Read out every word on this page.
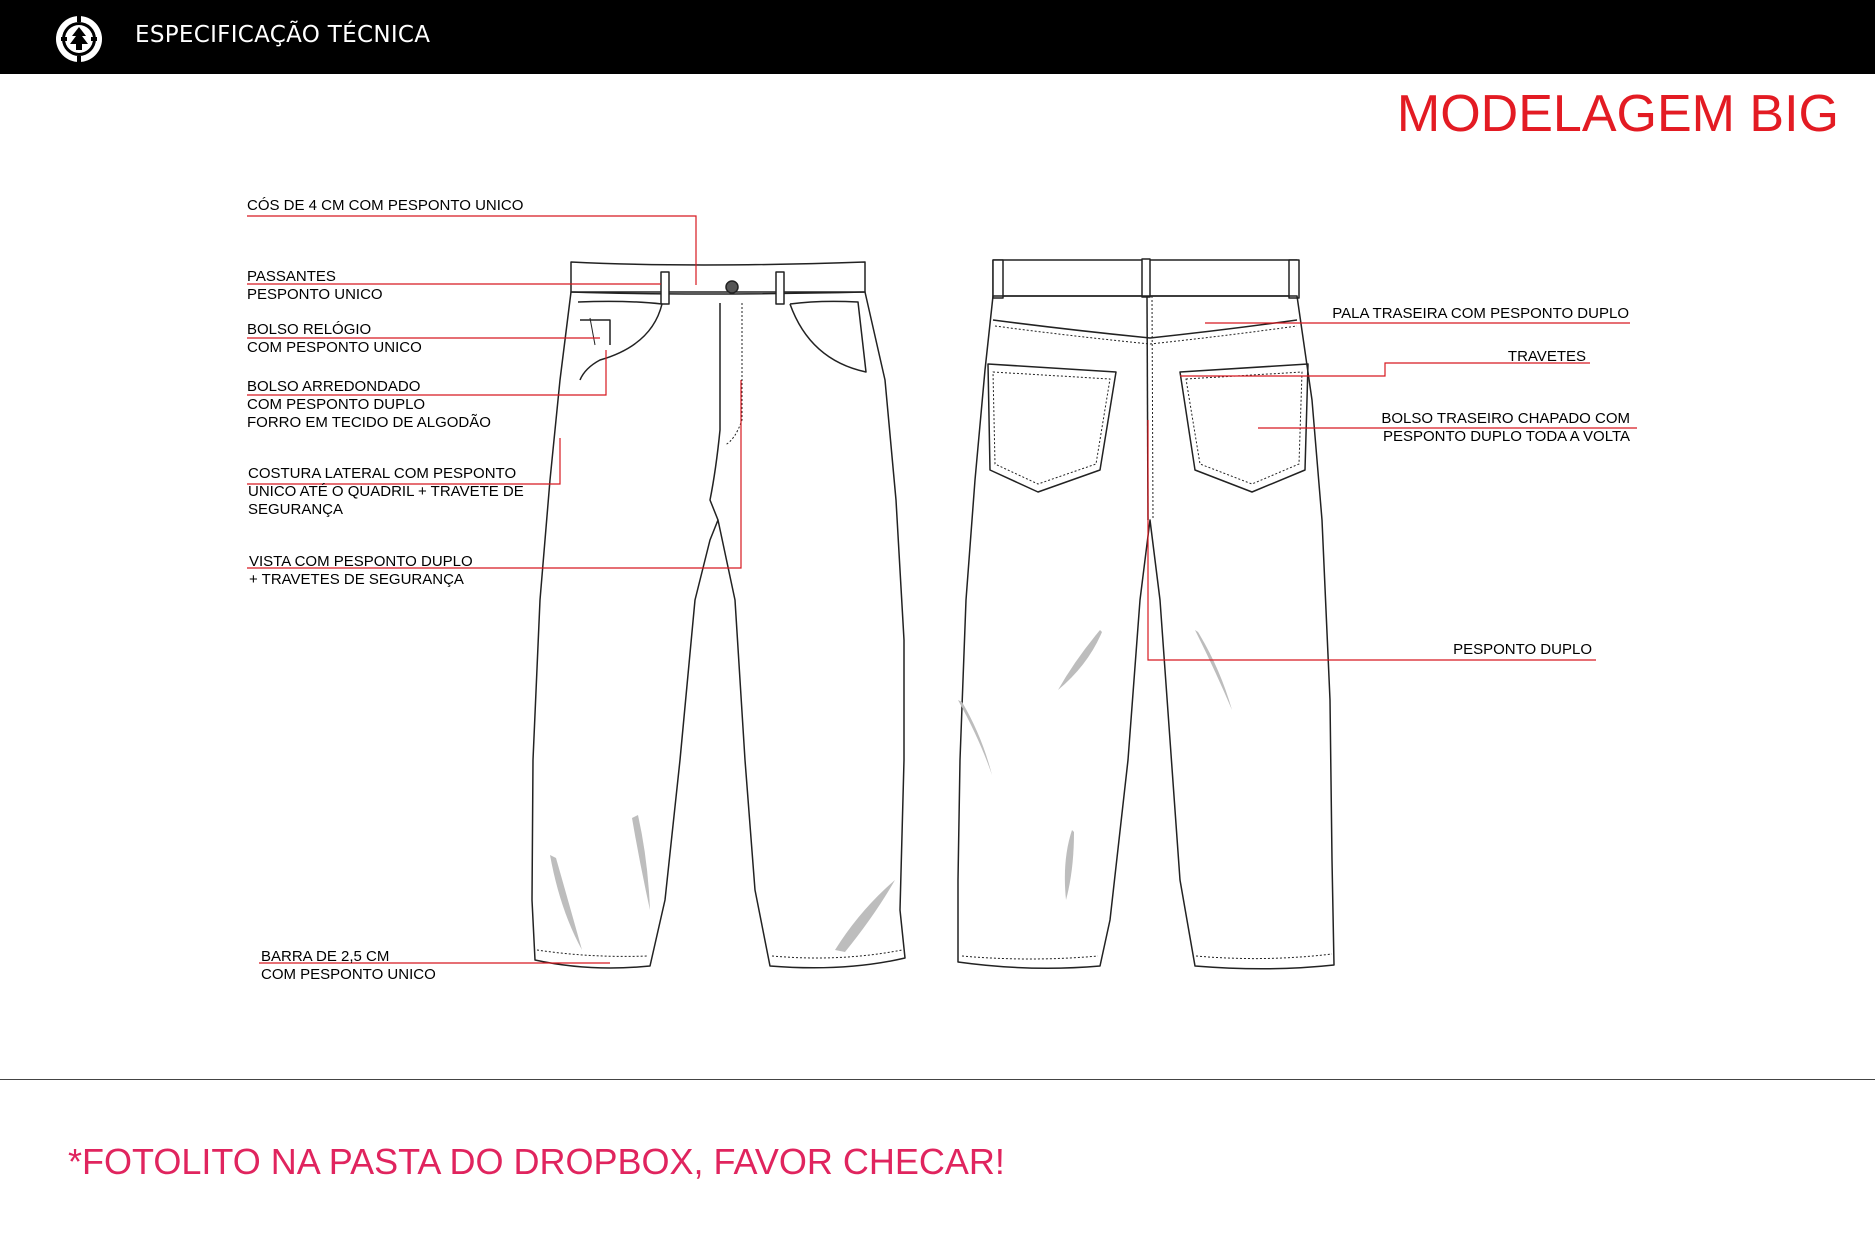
ESPECIFICAÇÃO TÉCNICA
MODELAGEM BIG
CÓS DE 4 CM COM PESPONTO UNICO
PASSANTES
PESPONTO UNICO
BOLSO RELÓGIO
COM PESPONTO UNICO
BOLSO ARREDONDADO
COM PESPONTO DUPLO
FORRO EM TECIDO DE ALGODÃO
COSTURA LATERAL COM PESPONTO
UNICO ATÉ O QUADRIL + TRAVETE DE
SEGURANÇA
VISTA COM PESPONTO DUPLO
+ TRAVETES DE SEGURANÇA
BARRA DE 2,5 CM
COM PESPONTO UNICO
PALA TRASEIRA COM PESPONTO DUPLO
TRAVETES
BOLSO TRASEIRO CHAPADO COM
PESPONTO DUPLO TODA A VOLTA
PESPONTO DUPLO
*FOTOLITO NA PASTA DO DROPBOX, FAVOR CHECAR!
